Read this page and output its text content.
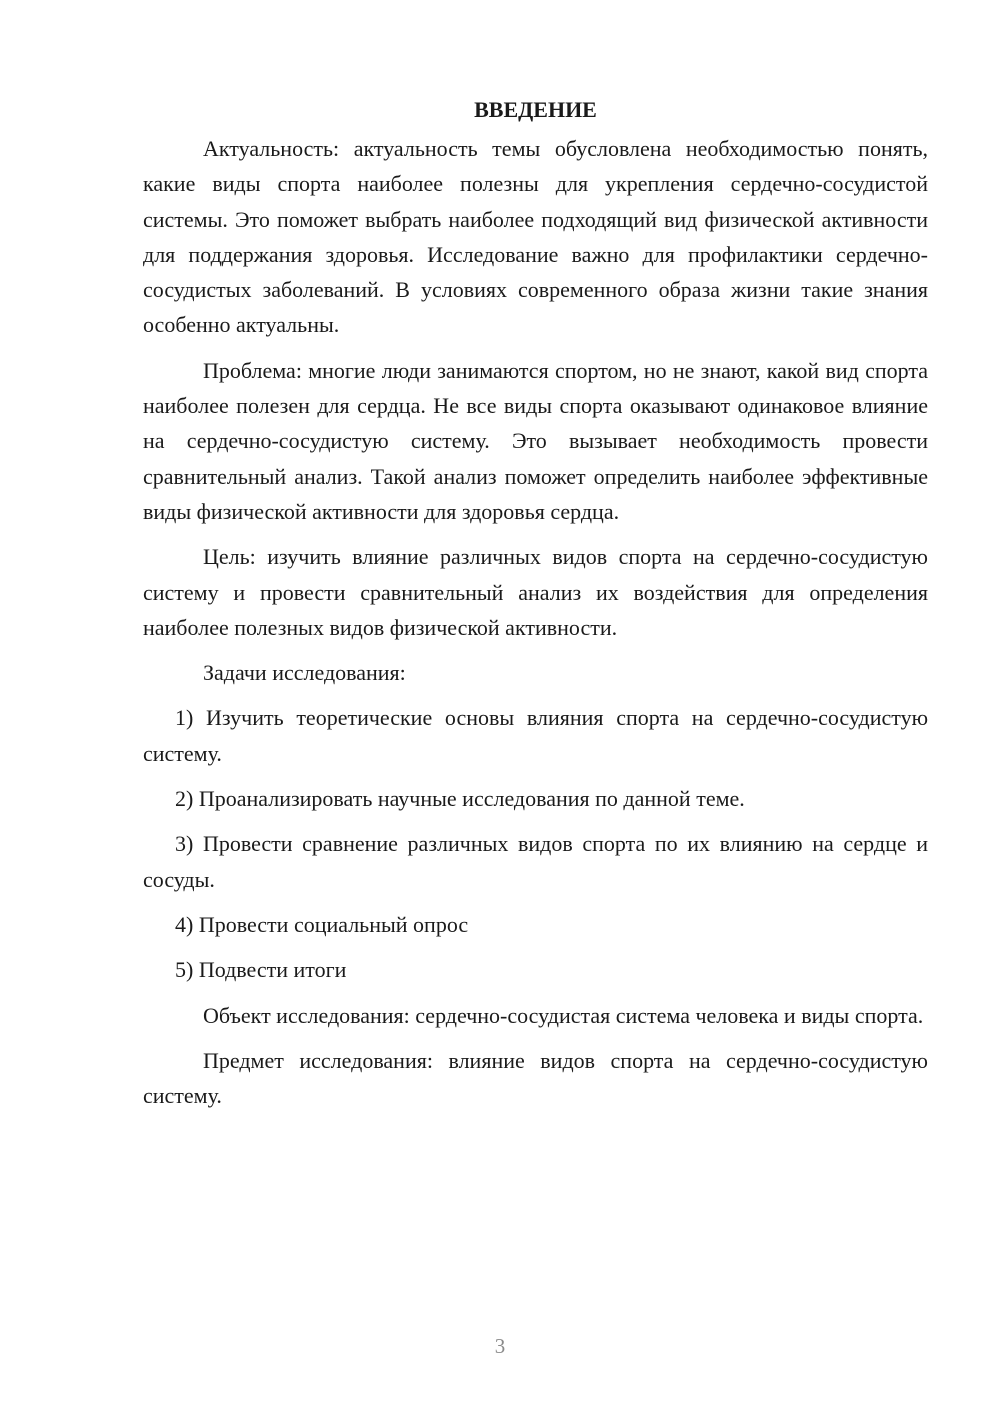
ВВЕДЕНИЕ

Актуальность: актуальность темы обусловлена необходимостью понять, какие виды спорта наиболее полезны для укрепления сердечно-сосудистой системы. Это поможет выбрать наиболее подходящий вид физической активности для поддержания здоровья. Исследование важно для профилактики сердечно-сосудистых заболеваний. В условиях современного образа жизни такие знания особенно актуальны.

Проблема: многие люди занимаются спортом, но не знают, какой вид спорта наиболее полезен для сердца. Не все виды спорта оказывают одинаковое влияние на сердечно-сосудистую систему. Это вызывает необходимость провести сравнительный анализ. Такой анализ поможет определить наиболее эффективные виды физической активности для здоровья сердца.

Цель: изучить влияние различных видов спорта на сердечно-сосудистую систему и провести сравнительный анализ их воздействия для определения наиболее полезных видов физической активности.

Задачи исследования:

1) Изучить теоретические основы влияния спорта на сердечно-сосудистую систему.

2) Проанализировать научные исследования по данной теме.

3) Провести сравнение различных видов спорта по их влиянию на сердце и сосуды.

4) Провести социальный опрос

5) Подвести итоги

Объект исследования: сердечно-сосудистая система человека и виды спорта.

Предмет исследования: влияние видов спорта на сердечно-сосудистую систему.

3
